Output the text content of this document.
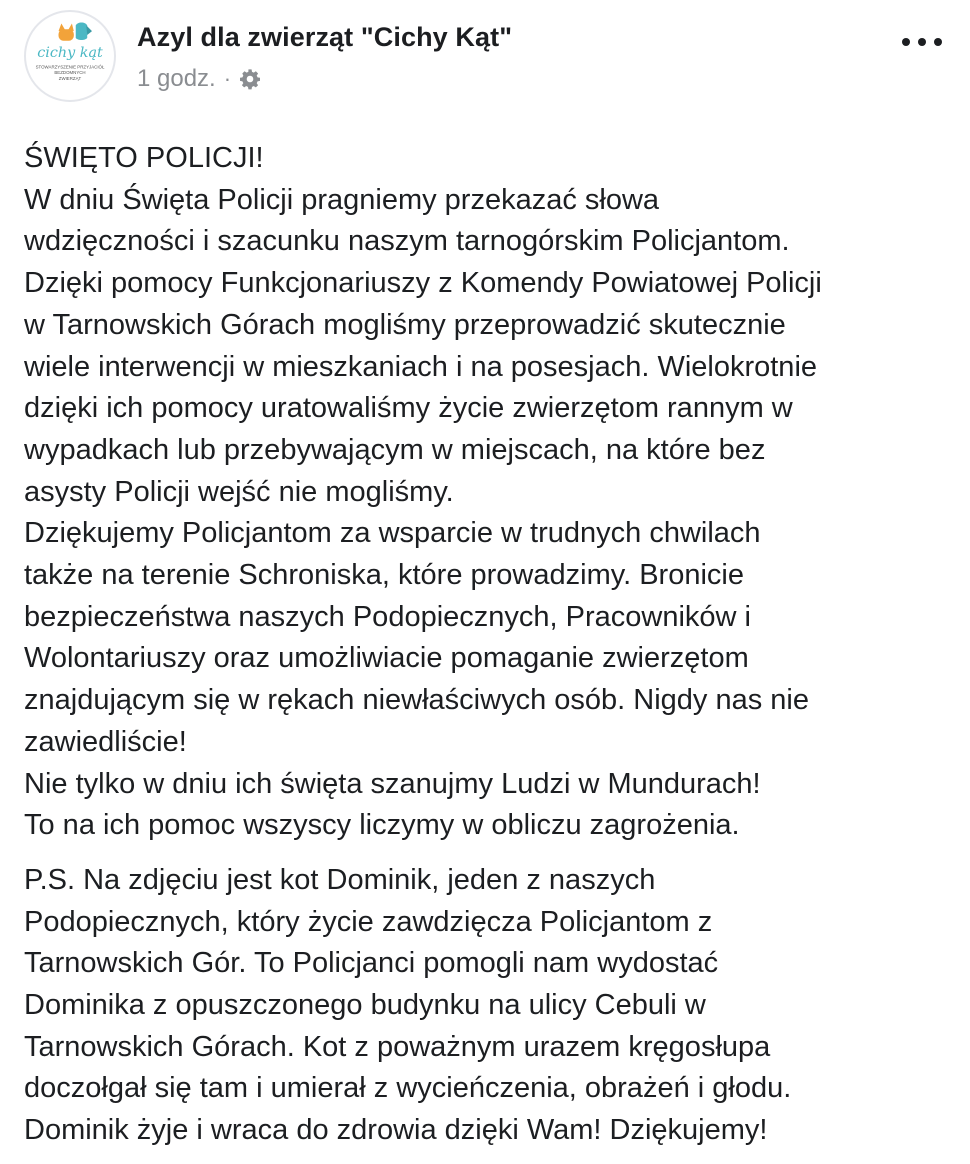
cichy kąt
STOWARZYSZENIE PRZYJACIÓŁ
BEZDOMNYCH
ZWIERZĄT
Azyl dla zwierząt "Cichy Kąt"
1 godz. ·
ŚWIĘTO POLICJI!
W dniu Święta Policji pragniemy przekazać słowa
wdzięczności i szacunku naszym tarnogórskim Policjantom.
Dzięki pomocy Funkcjonariuszy z Komendy Powiatowej Policji
w Tarnowskich Górach mogliśmy przeprowadzić skutecznie
wiele interwencji w mieszkaniach i na posesjach. Wielokrotnie
dzięki ich pomocy uratowaliśmy życie zwierzętom rannym w
wypadkach lub przebywającym w miejscach, na które bez
asysty Policji wejść nie mogliśmy.
Dziękujemy Policjantom za wsparcie w trudnych chwilach
także na terenie Schroniska, które prowadzimy. Bronicie
bezpieczeństwa naszych Podopiecznych, Pracowników i
Wolontariuszy oraz umożliwiacie pomaganie zwierzętom
znajdującym się w rękach niewłaściwych osób. Nigdy nas nie
zawiedliście!
Nie tylko w dniu ich święta szanujmy Ludzi w Mundurach!
To na ich pomoc wszyscy liczymy w obliczu zagrożenia.
P.S. Na zdjęciu jest kot Dominik, jeden z naszych
Podopiecznych, który życie zawdzięcza Policjantom z
Tarnowskich Gór. To Policjanci pomogli nam wydostać
Dominika z opuszczonego budynku na ulicy Cebuli w
Tarnowskich Górach. Kot z poważnym urazem kręgosłupa
doczołgał się tam i umierał z wycieńczenia, obrażeń i głodu.
Dominik żyje i wraca do zdrowia dzięki Wam! Dziękujemy!
